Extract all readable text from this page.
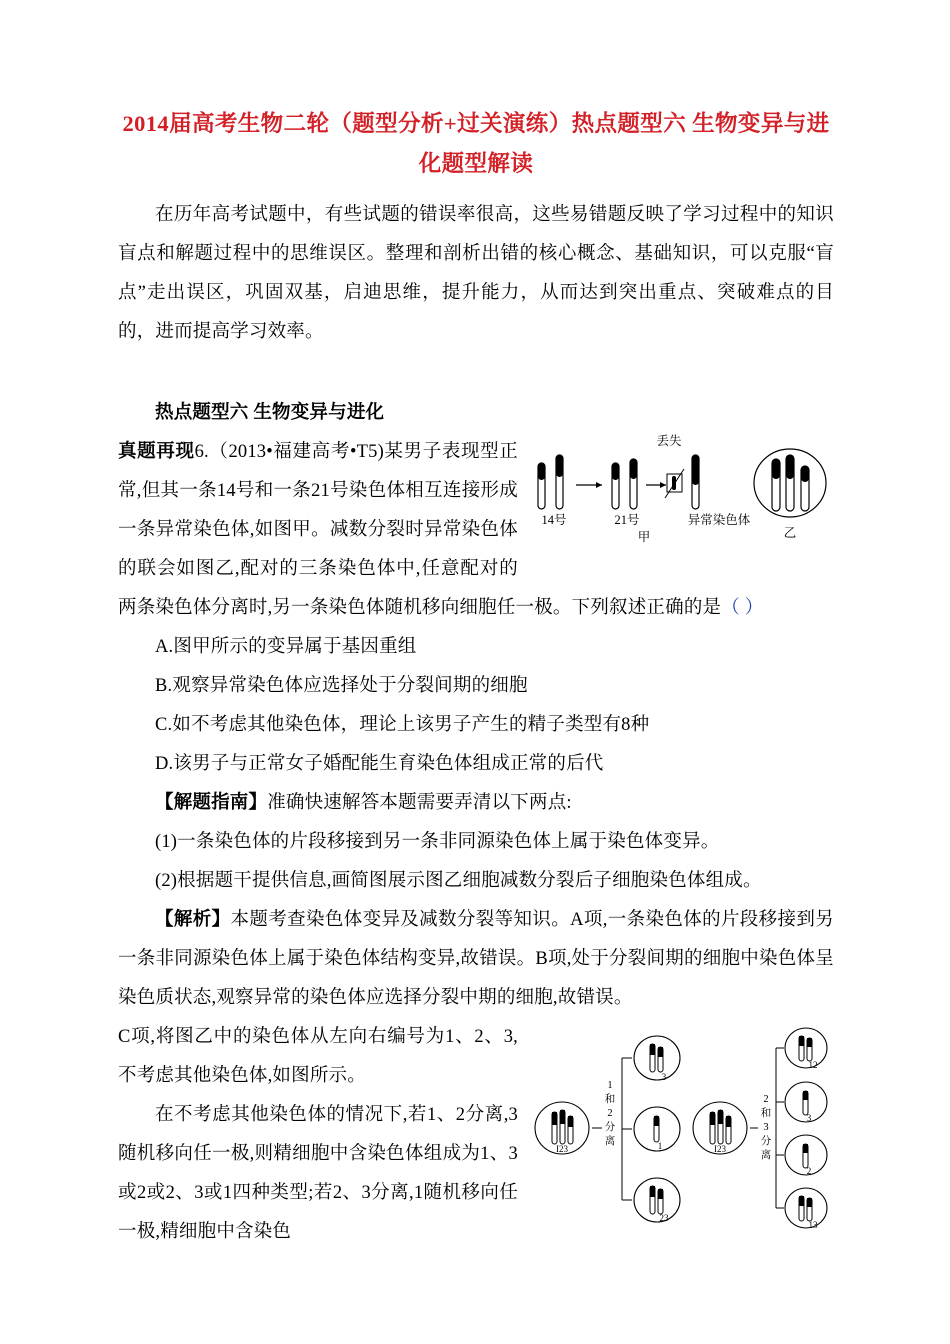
2014届高考生物二轮（题型分析+过关演练）热点题型六 生物变异与进化题型解读

在历年高考试题中，有些试题的错误率很高，这些易错题反映了学习过程中的知识盲点和解题过程中的思维误区。整理和剖析出错的核心概念、基础知识，可以克服“盲点”走出误区，巩固双基，启迪思维，提升能力，从而达到突出重点、突破难点的目的，进而提高学习效率。

热点题型六 生物变异与进化

丢失
14号	21号	异常染色体
甲	乙

真题再现6.（2013•福建高考•T5)某男子表现型正常,但其一条14号和一条21号染色体相互连接形成一条异常染色体,如图甲。减数分裂时异常染色体的联会如图乙,配对的三条染色体中,任意配对的两条染色体分离时,另一条染色体随机移向细胞任一极。下列叙述正确的是（ ）

A.图甲所示的变异属于基因重组

B.观察异常染色体应选择处于分裂间期的细胞

C.如不考虑其他染色体，理论上该男子产生的精子类型有8种

D.该男子与正常女子婚配能生育染色体组成正常的后代

【解题指南】准确快速解答本题需要弄清以下两点:

(1)一条染色体的片段移接到另一条非同源染色体上属于染色体变异。

(2)根据题干提供信息,画简图展示图乙细胞减数分裂后子细胞染色体组成。

【解析】本题考查染色体变异及减数分裂等知识。A项,一条染色体的片段移接到另一条非同源染色体上属于染色体结构变异,故错误。B项,处于分裂间期的细胞中染色体呈染色质状态,观察异常的染色体应选择分裂中期的细胞,故错误。

I23
1
和
2
分
离
3
1
23
I23
2
和
3
分
离
12
3
2
13

C项,将图乙中的染色体从左向右编号为1、2、3,不考虑其他染色体,如图所示。

在不考虑其他染色体的情况下,若1、2分离,3随机移向任一极,则精细胞中含染色体组成为1、3或2或2、3或1四种类型;若2、3分离,1随机移向任一极,精细胞中含染色
